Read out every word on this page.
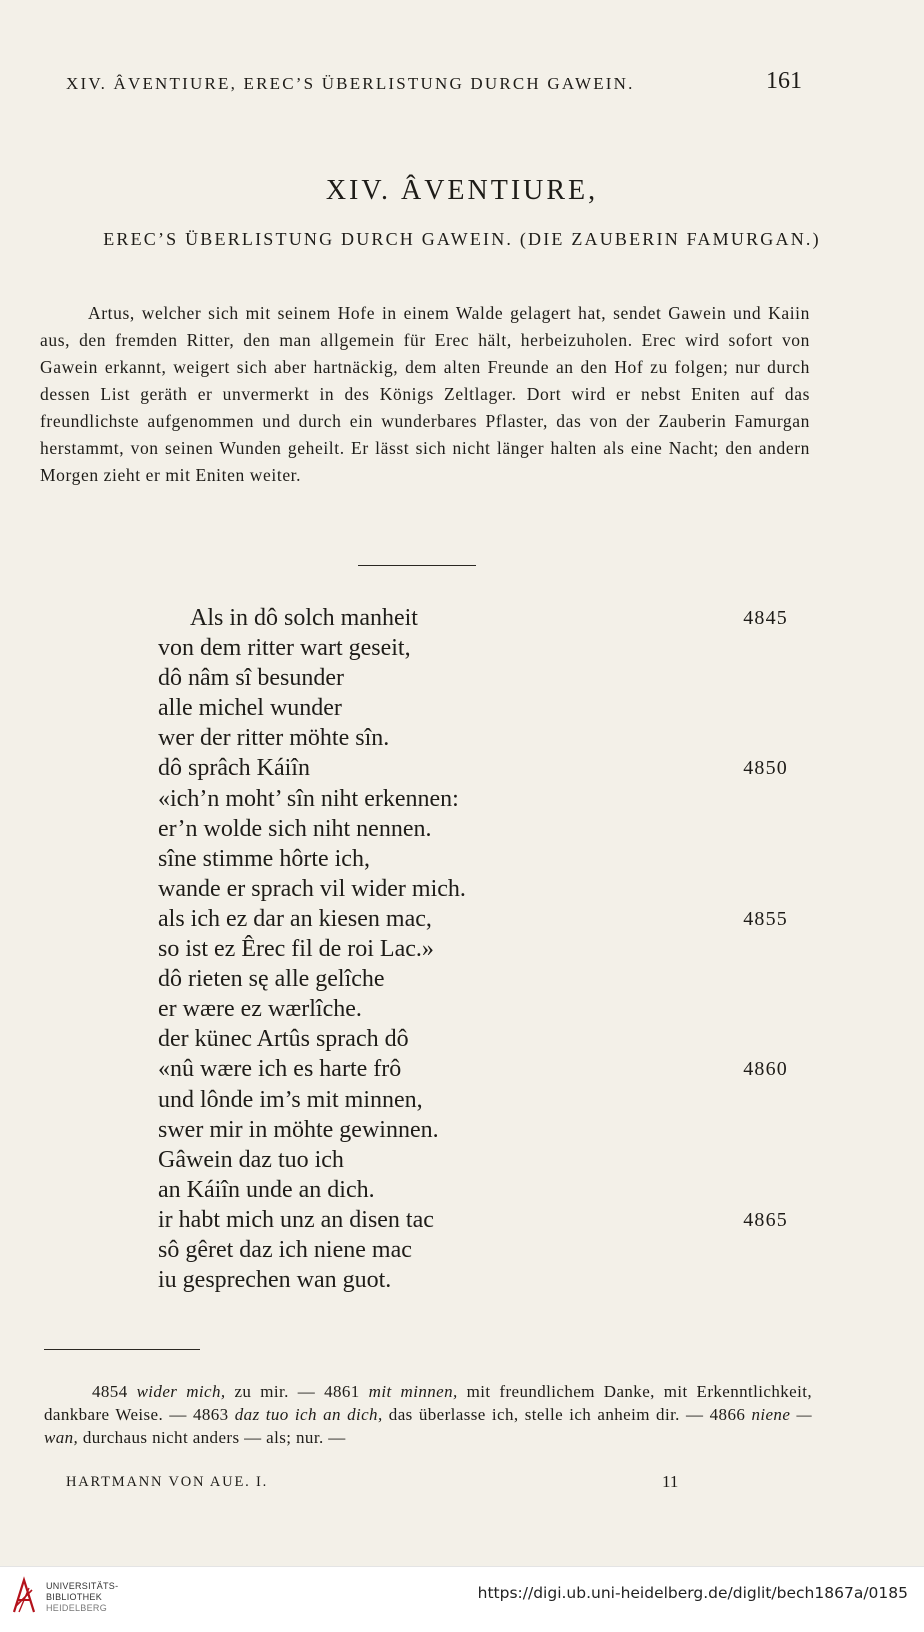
XIV. ÂVENTIURE, EREC’S ÜBERLISTUNG DURCH GAWEIN.	161
XIV. ÂVENTIURE,
EREC’S ÜBERLISTUNG DURCH GAWEIN. (DIE ZAUBERIN FAMURGAN.)

Artus, welcher sich mit seinem Hofe in einem Walde gelagert hat, sendet Gawein und Kaiin aus, den fremden Ritter, den man allgemein für Erec hält, herbeizuholen. Erec wird sofort von Gawein erkannt, weigert sich aber hartnäckig, dem alten Freunde an den Hof zu folgen; nur durch dessen List geräth er unvermerkt in des Königs Zeltlager. Dort wird er nebst Eniten auf das freundlichste aufgenommen und durch ein wunderbares Pflaster, das von der Zauberin Famurgan herstammt, von seinen Wunden geheilt. Er lässt sich nicht länger halten als eine Nacht; den andern Morgen zieht er mit Eniten weiter.

Als in dô solch manheit	4845
von dem ritter wart geseit,
dô nâm sî besunder
alle michel wunder
wer der ritter möhte sîn.
dô sprâch Káiîn	4850
«ich’n moht’ sîn niht erkennen:
er’n wolde sich niht nennen.
sîne stimme hôrte ich,
wande er sprach vil wider mich.
als ich ez dar an kiesen mac,	4855
so ist ez Êrec fil de roi Lac.»
dô rieten sę alle gelîche
er wære ez wærlîche.
der künec Artûs sprach dô
«nû wære ich es harte frô	4860
und lônde im’s mit minnen,
swer mir in möhte gewinnen.
Gâwein daz tuo ich
an Káiîn unde an dich.
ir habt mich unz an disen tac	4865
sô gêret daz ich niene mac
iu gesprechen wan guot.

4854 wider mich, zu mir. — 4861 mit minnen, mit freundlichem Danke, mit Erkenntlichkeit, dankbare Weise. — 4863 daz tuo ich an dich, das überlasse ich, stelle ich anheim dir. — 4866 niene — wan, durchaus nicht anders — als; nur. —

HARTMANN VON AUE. I.	11
UNIVERSITÄTS-
BIBLIOTHEK
HEIDELBERG
https://digi.ub.uni-heidelberg.de/diglit/bech1867a/0185
